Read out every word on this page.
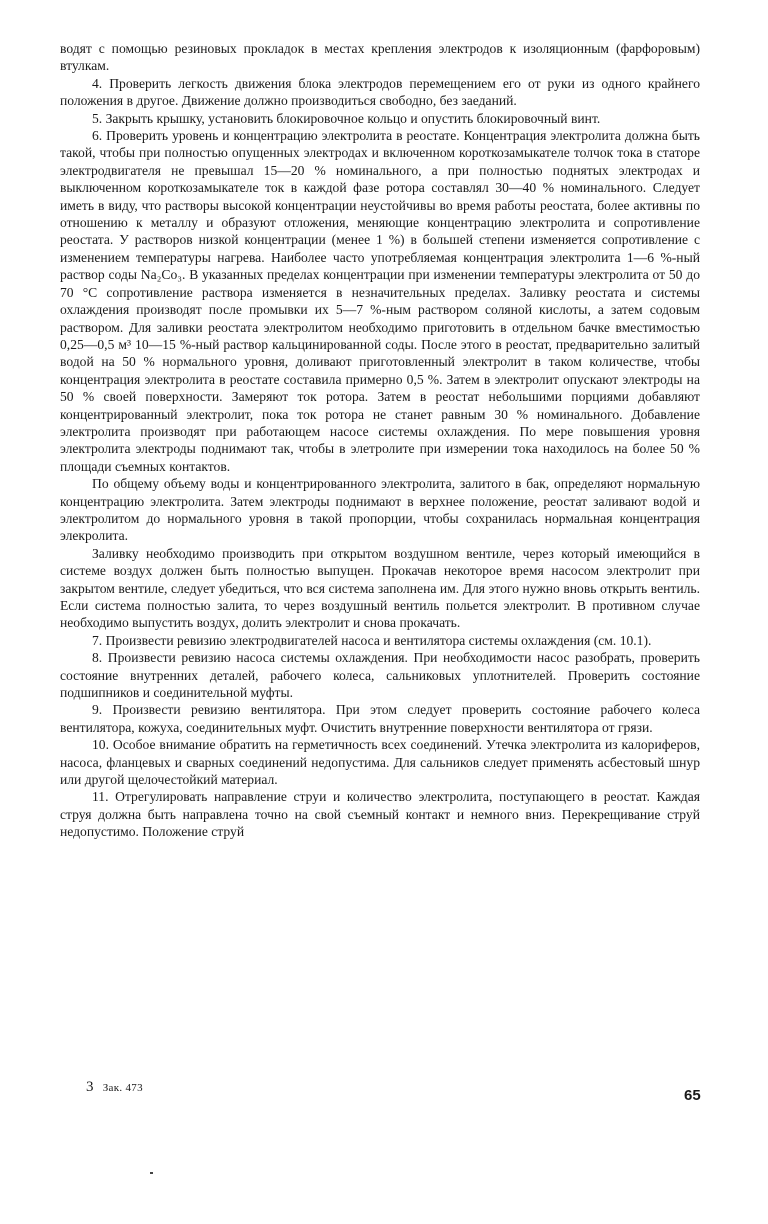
водят с помощью резиновых прокладок в местах крепления электродов к изоляционным (фарфоровым) втулкам.

4. Проверить легкость движения блока электродов перемещением его от руки из одного крайнего положения в другое. Движение должно производиться свободно, без заеданий.

5. Закрыть крышку, установить блокировочное кольцо и опустить блокировочный винт.

6. Проверить уровень и концентрацию электролита в реостате. Концентрация электролита должна быть такой, чтобы при полностью опущенных электродах и включенном короткозамыкателе толчок тока в статоре электродвигателя не превышал 15—20 % номинального, а при полностью поднятых электродах и выключенном короткозамыкателе ток в каждой фазе ротора составлял 30—40 % номинального. Следует иметь в виду, что растворы высокой концентрации неустойчивы во время работы реостата, более активны по отношению к металлу и образуют отложения, меняющие концентрацию электролита и сопротивление реостата. У растворов низкой концентрации (менее 1 %) в большей степени изменяется сопротивление с изменением температуры нагрева. Наиболее часто употребляемая концентрация электролита 1—6 %-ный раствор соды Na₂Co₃. В указанных пределах концентрации при изменении температуры электролита от 50 до 70 °С сопротивление раствора изменяется в незначительных пределах. Заливку реостата и системы охлаждения производят после промывки их 5—7 %-ным раствором соляной кислоты, а затем содовым раствором. Для заливки реостата электролитом необходимо приготовить в отдельном бачке вместимостью 0,25—0,5 м³ 10—15 %-ный раствор кальцинированной соды. После этого в реостат, предварительно залитый водой на 50 % нормального уровня, доливают приготовленный электролит в таком количестве, чтобы концентрация электролита в реостате составила примерно 0,5 %. Затем в электролит опускают электроды на 50 % своей поверхности. Замеряют ток ротора. Затем в реостат небольшими порциями добавляют концентрированный электролит, пока ток ротора не станет равным 30 % номинального. Добавление электролита производят при работающем насосе системы охлаждения. По мере повышения уровня электролита электроды поднимают так, чтобы в элетролите при измерении тока находилось на более 50 % площади съемных контактов.

По общему объему воды и концентрированного электролита, залитого в бак, определяют нормальную концентрацию электролита. Затем электроды поднимают в верхнее положение, реостат заливают водой и электролитом до нормального уровня в такой пропорции, чтобы сохранилась нормальная концентрация элекролита.

Заливку необходимо производить при открытом воздушном вентиле, через который имеющийся в системе воздух должен быть полностью выпущен. Прокачав некоторое время насосом электролит при закрытом вентиле, следует убедиться, что вся система заполнена им. Для этого нужно вновь открыть вентиль. Если система полностью залита, то через воздушный вентиль польется электролит. В противном случае необходимо выпустить воздух, долить электролит и снова прокачать.

7. Произвести ревизию электродвигателей насоса и вентилятора системы охлаждения (см. 10.1).

8. Произвести ревизию насоса системы охлаждения. При необходимости насос разобрать, проверить состояние внутренних деталей, рабочего колеса, сальниковых уплотнителей. Проверить состояние подшипников и соединительной муфты.

9. Произвести ревизию вентилятора. При этом следует проверить состояние рабочего колеса вентилятора, кожуха, соединительных муфт. Очистить внутренние поверхности вентилятора от грязи.

10. Особое внимание обратить на герметичность всех соединений. Утечка электролита из калориферов, насоса, фланцевых и сварных соединений недопустима. Для сальников следует применять асбестовый шнур или другой щелочестойкий материал.

11. Отрегулировать направление струи и количество электролита, поступающего в реостат. Каждая струя должна быть направлена точно на свой съемный контакт и немного вниз. Перекрещивание струй недопустимо. Положение струй

3 Зак. 473	65
